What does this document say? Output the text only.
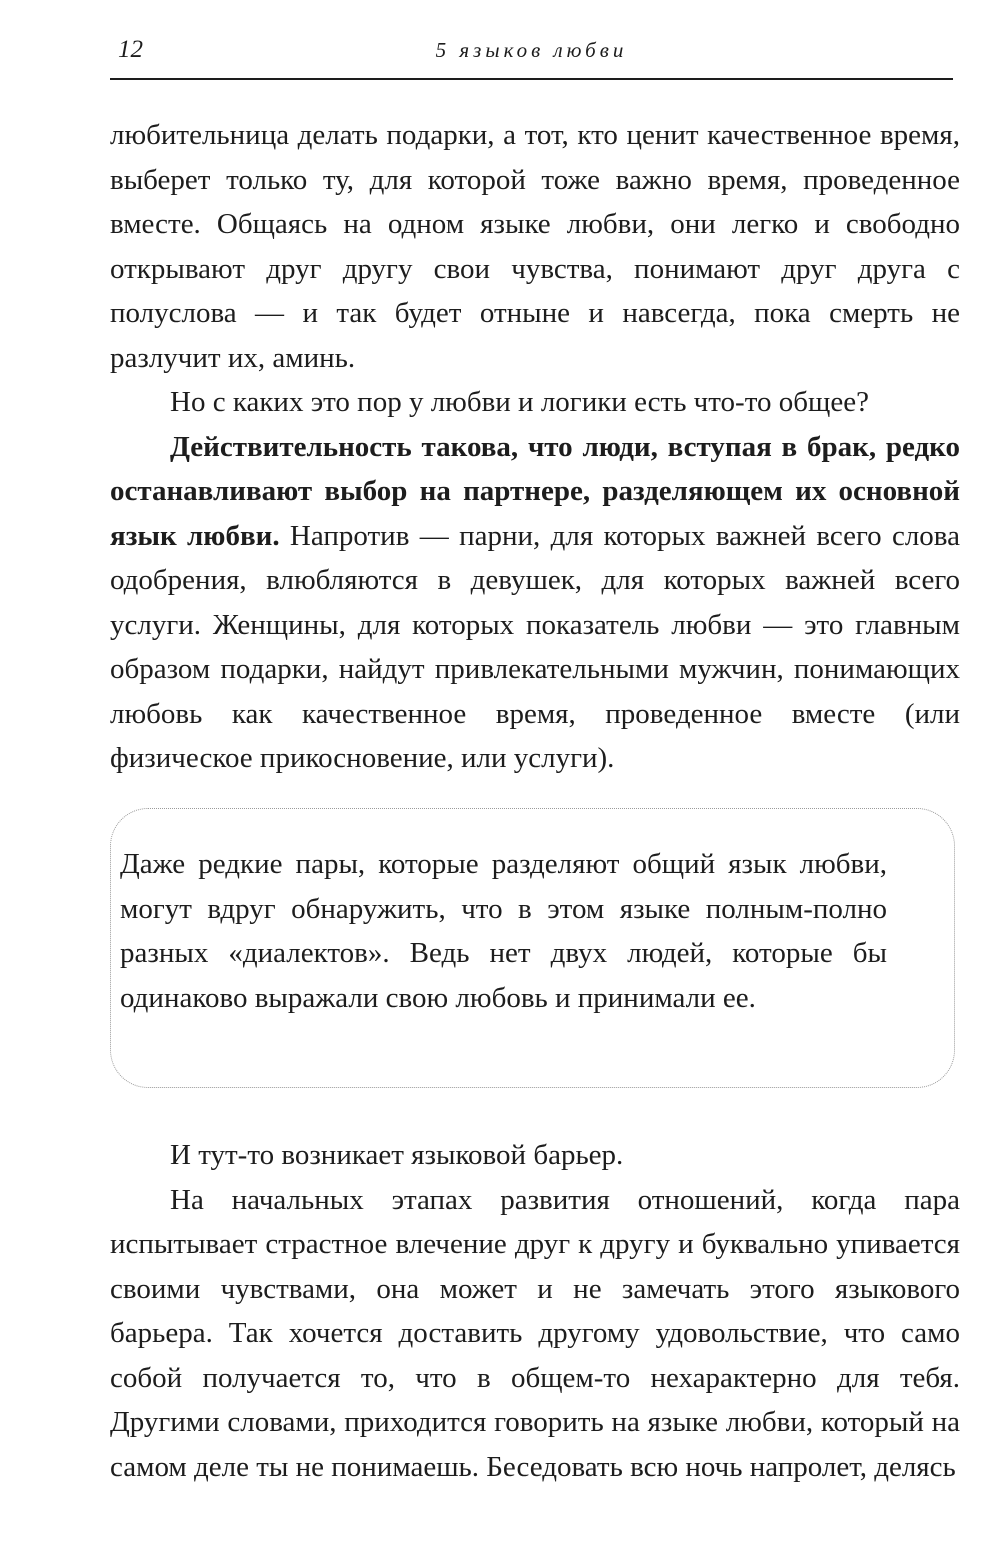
12	5 языков любви

любительница делать подарки, а тот, кто ценит качественное время, выберет только ту, для которой тоже важно время, проведенное вместе. Общаясь на одном языке любви, они легко и свободно открывают друг другу свои чувства, понимают друг друга с полуслова — и так будет отныне и навсегда, пока смерть не разлучит их, аминь.

Но с каких это пор у любви и логики есть что-то общее?

Действительность такова, что люди, вступая в брак, редко останавливают выбор на партнере, разделяющем их основной язык любви. Напротив — парни, для которых важней всего слова одобрения, влюбляются в девушек, для которых важней всего услуги. Женщины, для которых показатель любви — это главным образом подарки, найдут привлекательными мужчин, понимающих любовь как качественное время, проведенное вместе (или физическое прикосновение, или услуги).

Даже редкие пары, которые разделяют общий язык любви, могут вдруг обнаружить, что в этом языке полным-полно разных «диалектов». Ведь нет двух людей, которые бы одинаково выражали свою любовь и принимали ее.

И тут-то возникает языковой барьер.

На начальных этапах развития отношений, когда пара испытывает страстное влечение друг к другу и буквально упивается своими чувствами, она может и не замечать этого языкового барьера. Так хочется доставить другому удовольствие, что само собой получается то, что в общем-то нехарактерно для тебя. Другими словами, приходится говорить на языке любви, который на самом деле ты не понимаешь. Беседовать всю ночь напролет, делясь
